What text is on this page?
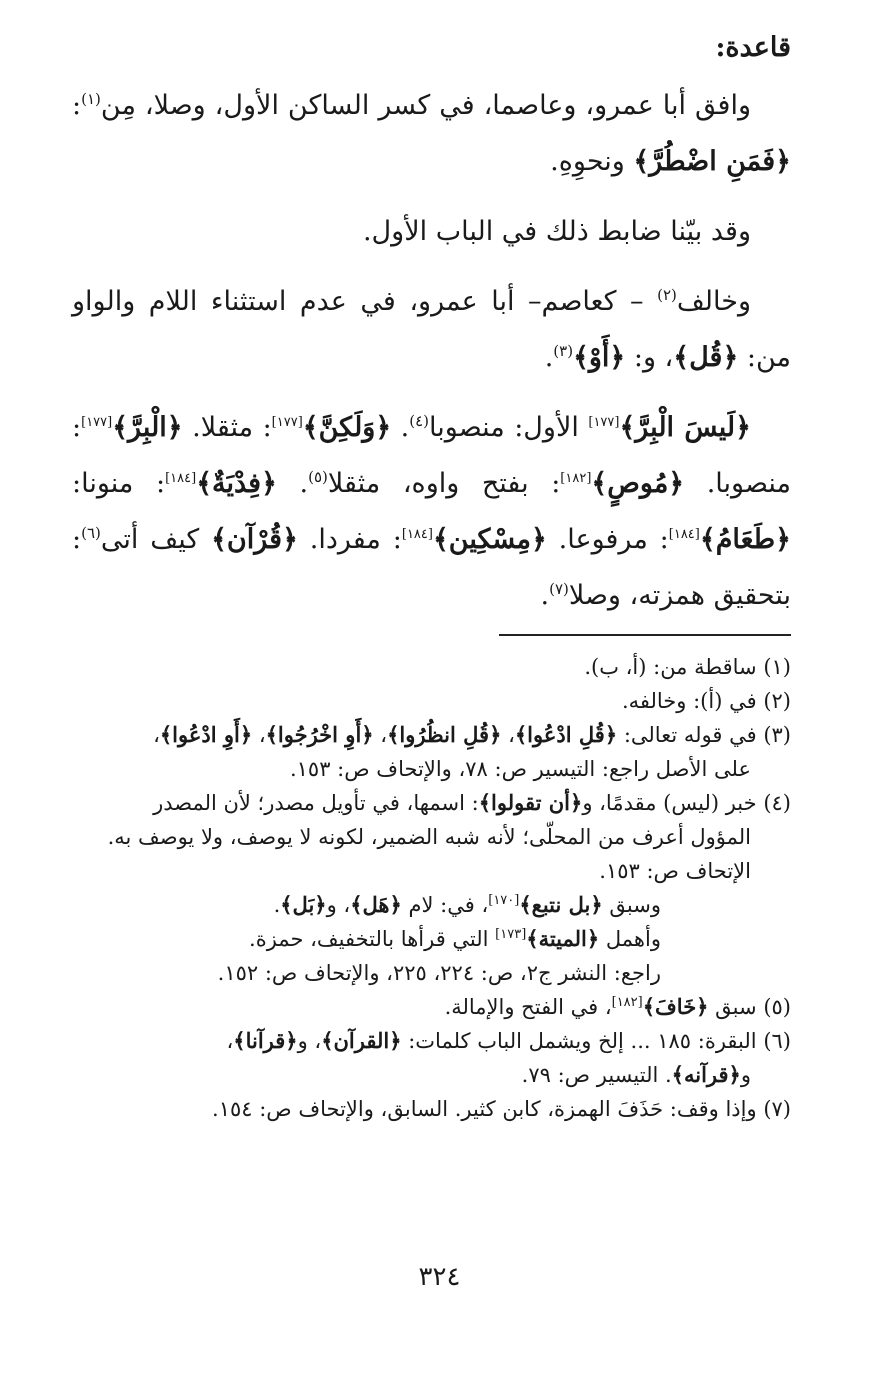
قاعدة:

وافق أبا عمرو، وعاصما، في كسر الساكن الأول، وصلا، مِن$^{(١)}$: ﴿فَمَنِ اضْطُرَّ﴾ ونحوِهِ.

وقد بيّنا ضابط ذلك في الباب الأول.

وخالف$^{(٢)}$ – كعاصم– أبا عمرو، في عدم استثناء اللام والواو من: ﴿قُل﴾، و: ﴿أَوْ﴾$^{(٣)}$.

﴿لَيسَ الْبِرَّ﴾[١٧٧] الأول: منصوبا$^{(٤)}$. ﴿وَلَكِنَّ﴾[١٧٧]: مثقلا. ﴿الْبِرَّ﴾[١٧٧]: منصوبا. ﴿مُوصٍ﴾[١٨٢]: بفتح واوه، مثقلا$^{(٥)}$. ﴿فِدْيَةٌ﴾[١٨٤]: منونا: ﴿طَعَامُ﴾[١٨٤]: مرفوعا. ﴿مِسْكِين﴾[١٨٤]: مفردا. ﴿قُرْآن﴾ كيف أتى$^{(٦)}$: بتحقيق همزته، وصلا$^{(٧)}$.

(١) ساقطة من: (أ، ب).

(٢) في (أ): وخالفه.

(٣) في قوله تعالى: ﴿قُلِ ادْعُوا﴾، ﴿قُلِ انظُرُوا﴾، ﴿أَوِ اخْرُجُوا﴾، ﴿أَوِ ادْعُوا﴾،

على الأصل راجع: التيسير ص: ٧٨، والإتحاف ص: ١٥٣.

(٤) خبر (ليس) مقدمًا، و﴿أن تقولوا﴾: اسمها، في تأويل مصدر؛ لأن المصدر

المؤول أعرف من المحلّى؛ لأنه شبه الضمير، لكونه لا يوصف، ولا يوصف به.

الإتحاف ص: ١٥٣.

وسبق ﴿بل نتبع﴾[١٧٠]، في: لام ﴿هَل﴾، و﴿بَل﴾.

وأهمل ﴿الميتة﴾[١٧٣] التي قرأها بالتخفيف، حمزة.

راجع: النشر ج٢، ص: ٢٢٤، ٢٢٥، والإتحاف ص: ١٥٢.

(٥) سبق ﴿خَافَ﴾[١٨٢]، في الفتح والإمالة.

(٦) البقرة: ١٨٥ ... إلخ ويشمل الباب كلمات: ﴿القرآن﴾، و﴿قرآنا﴾،

و﴿قرآنه﴾. التيسير ص: ٧٩.

(٧) وإذا وقف: حَذَفَ الهمزة، كابن كثير. السابق، والإتحاف ص: ١٥٤.

٣٢٤
